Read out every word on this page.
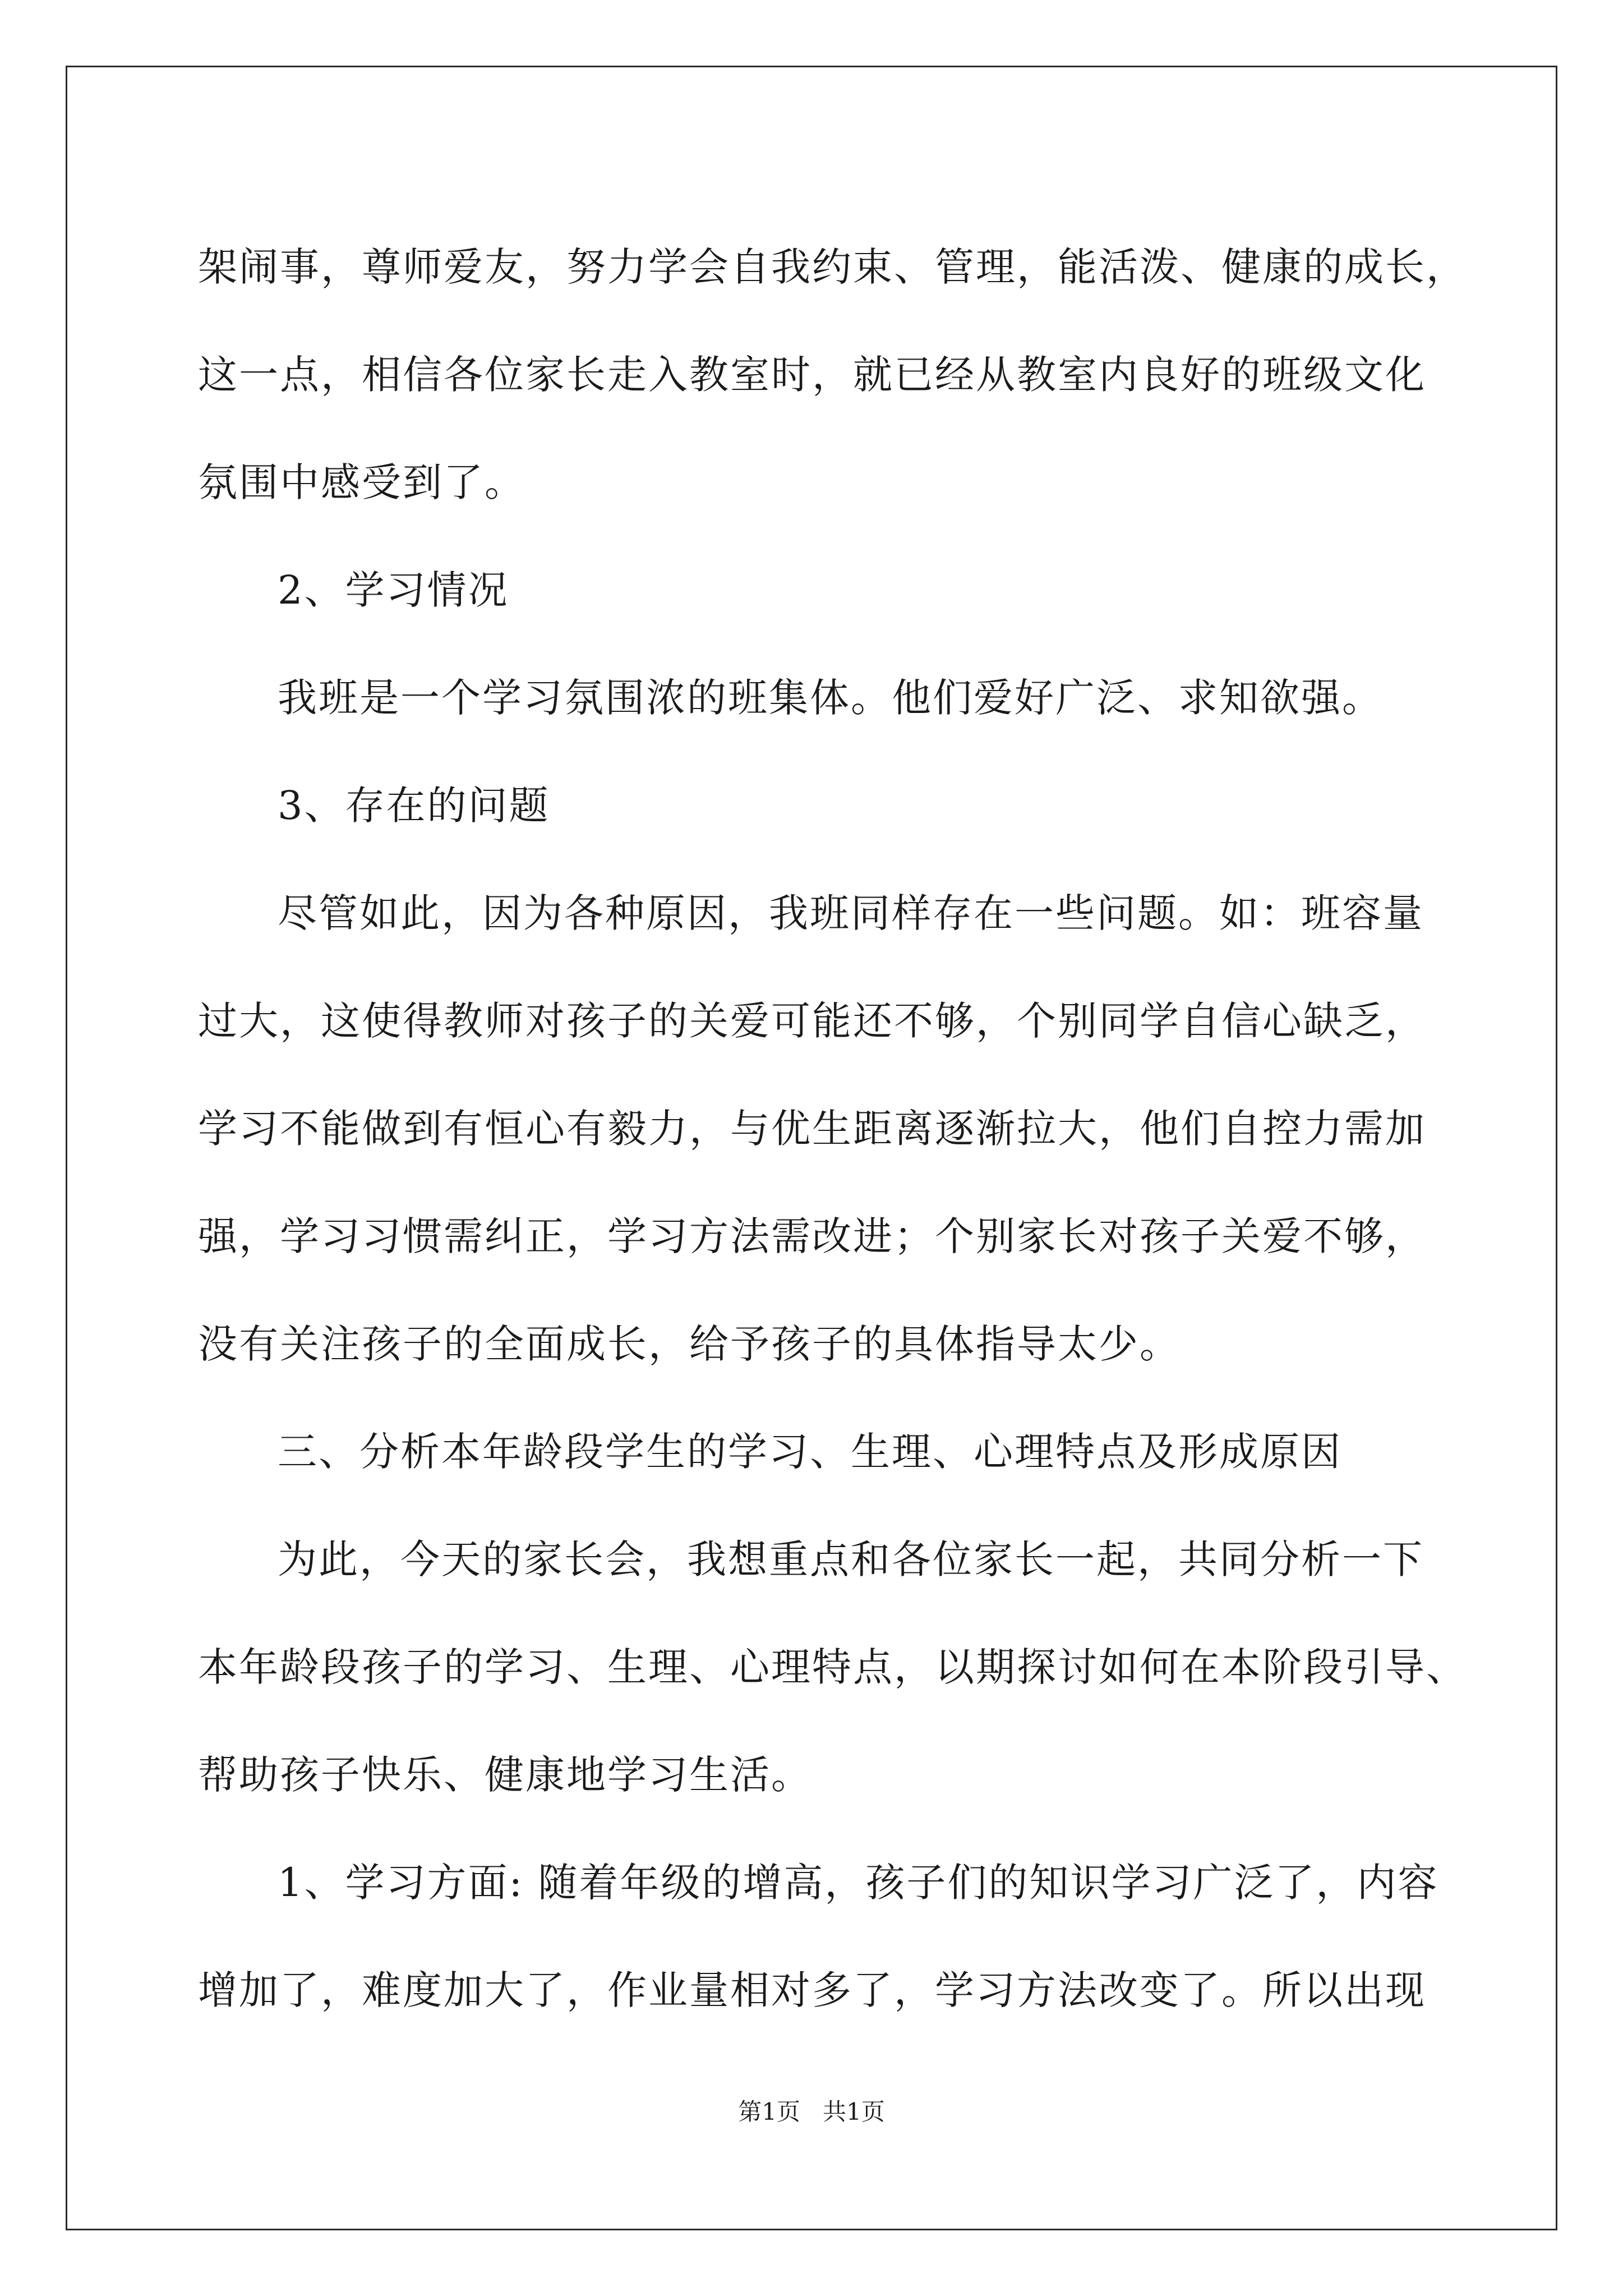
架闹事，尊师爱友，努力学会自我约束、管理，能活泼、健康的成长，
这一点，相信各位家长走入教室时，就已经从教室内良好的班级文化
氛围中感受到了。
2、学习情况
我班是一个学习氛围浓的班集体。他们爱好广泛、求知欲强。
3、存在的问题
尽管如此，因为各种原因，我班同样存在一些问题。如：班容量
过大，这使得教师对孩子的关爱可能还不够，个别同学自信心缺乏，
学习不能做到有恒心有毅力，与优生距离逐渐拉大，他们自控力需加
强，学习习惯需纠正，学习方法需改进；个别家长对孩子关爱不够，
没有关注孩子的全面成长，给予孩子的具体指导太少。
三、分析本年龄段学生的学习、生理、心理特点及形成原因
为此，今天的家长会，我想重点和各位家长一起，共同分析一下
本年龄段孩子的学习、生理、心理特点，以期探讨如何在本阶段引导、
帮助孩子快乐、健康地学习生活。
1、学习方面: 随着年级的增高，孩子们的知识学习广泛了，内容
增加了，难度加大了，作业量相对多了，学习方法改变了。所以出现
第1页   共1页
